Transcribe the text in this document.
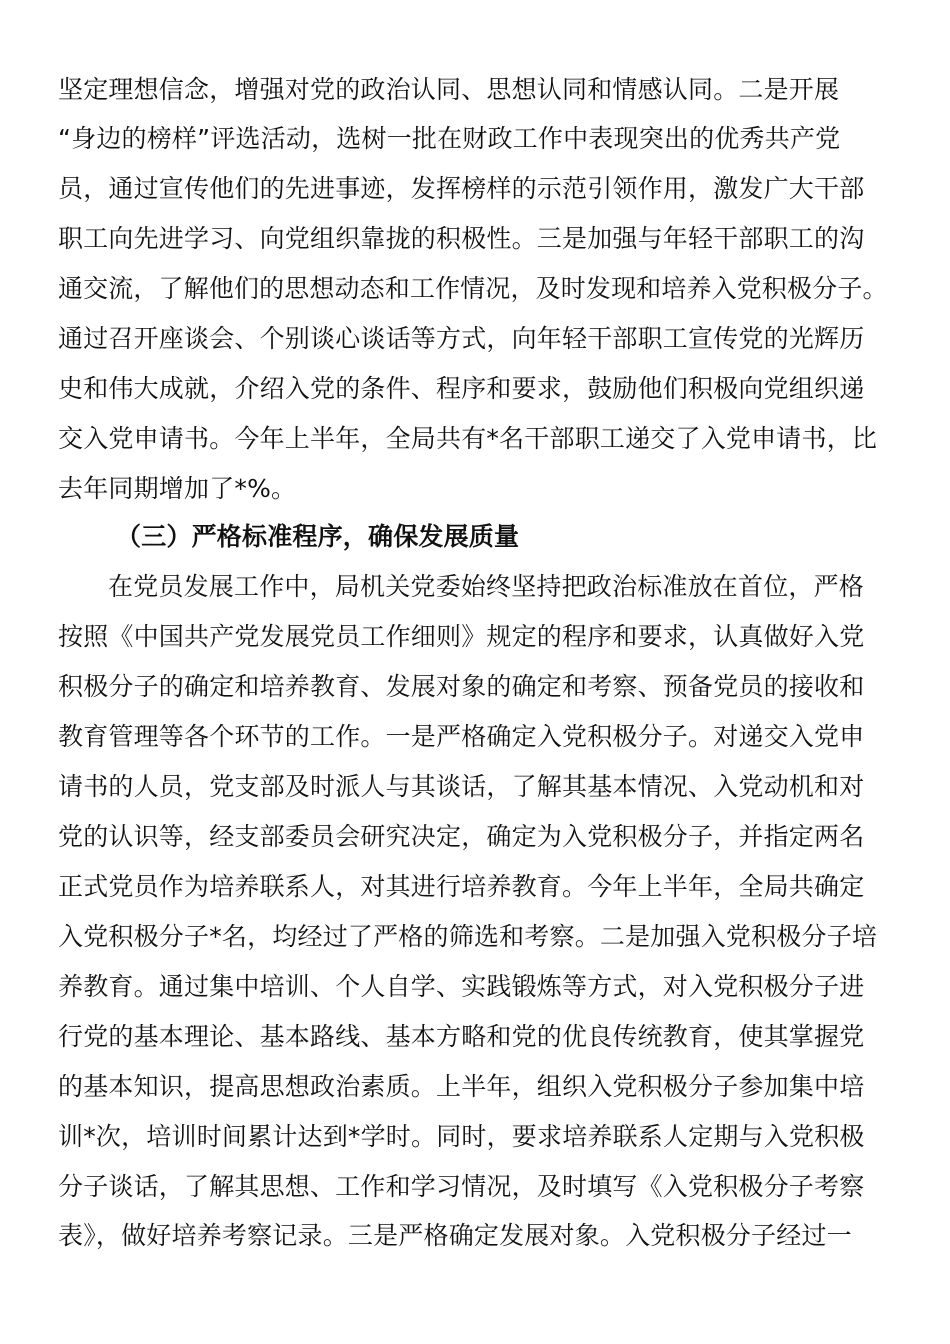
坚定理想信念，增强对党的政治认同、思想认同和情感认同。二是开展
“身边的榜样”评选活动，选树一批在财政工作中表现突出的优秀共产党
员，通过宣传他们的先进事迹，发挥榜样的示范引领作用，激发广大干部
职工向先进学习、向党组织靠拢的积极性。三是加强与年轻干部职工的沟
通交流，了解他们的思想动态和工作情况，及时发现和培养入党积极分子。
通过召开座谈会、个别谈心谈话等方式，向年轻干部职工宣传党的光辉历
史和伟大成就，介绍入党的条件、程序和要求，鼓励他们积极向党组织递
交入党申请书。今年上半年，全局共有*名干部职工递交了入党申请书，比
去年同期增加了*%。
（三）严格标准程序，确保发展质量
在党员发展工作中，局机关党委始终坚持把政治标准放在首位，严格
按照《中国共产党发展党员工作细则》规定的程序和要求，认真做好入党
积极分子的确定和培养教育、发展对象的确定和考察、预备党员的接收和
教育管理等各个环节的工作。一是严格确定入党积极分子。对递交入党申
请书的人员，党支部及时派人与其谈话，了解其基本情况、入党动机和对
党的认识等，经支部委员会研究决定，确定为入党积极分子，并指定两名
正式党员作为培养联系人，对其进行培养教育。今年上半年，全局共确定
入党积极分子*名，均经过了严格的筛选和考察。二是加强入党积极分子培
养教育。通过集中培训、个人自学、实践锻炼等方式，对入党积极分子进
行党的基本理论、基本路线、基本方略和党的优良传统教育，使其掌握党
的基本知识，提高思想政治素质。上半年，组织入党积极分子参加集中培
训*次，培训时间累计达到*学时。同时，要求培养联系人定期与入党积极
分子谈话，了解其思想、工作和学习情况，及时填写《入党积极分子考察
表》，做好培养考察记录。三是严格确定发展对象。入党积极分子经过一
